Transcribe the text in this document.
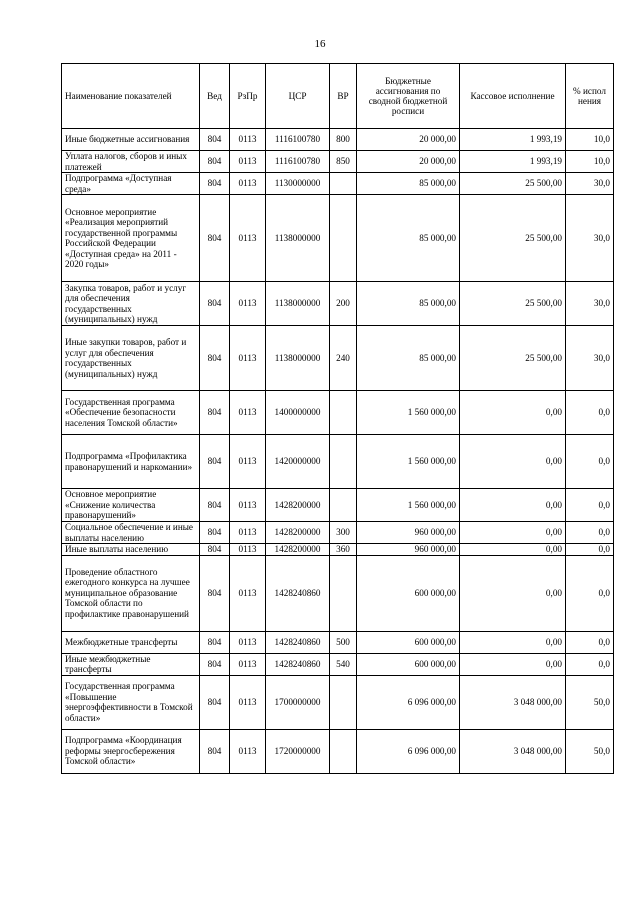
16
Наименование показателей	Вед	РзПр	ЦСР	ВР	Бюджетные ассигнования по сводной бюджетной росписи	Кассовое исполнение	% испол нения
Иные бюджетные ассигнования	804	0113	1116100780	800	20 000,00	1 993,19	10,0
Уплата налогов, сборов и иных платежей	804	0113	1116100780	850	20 000,00	1 993,19	10,0
Подпрограмма «Доступная среда»	804	0113	1130000000		85 000,00	25 500,00	30,0
Основное мероприятие «Реализация мероприятий государственной программы Российской Федерации «Доступная среда» на 2011 - 2020 годы»	804	0113	1138000000		85 000,00	25 500,00	30,0
Закупка товаров, работ и услуг для обеспечения государственных (муниципальных) нужд	804	0113	1138000000	200	85 000,00	25 500,00	30,0
Иные закупки товаров, работ и услуг для обеспечения государственных (муниципальных) нужд	804	0113	1138000000	240	85 000,00	25 500,00	30,0
Государственная программа «Обеспечение безопасности населения Томской области»	804	0113	1400000000		1 560 000,00	0,00	0,0
Подпрограмма «Профилактика правонарушений и наркомании»	804	0113	1420000000		1 560 000,00	0,00	0,0
Основное мероприятие «Снижение количества правонарушений»	804	0113	1428200000		1 560 000,00	0,00	0,0
Социальное обеспечение и иные выплаты населению	804	0113	1428200000	300	960 000,00	0,00	0,0
Иные выплаты населению	804	0113	1428200000	360	960 000,00	0,00	0,0
Проведение областного ежегодного конкурса на лучшее муниципальное образование Томской области по профилактике правонарушений	804	0113	1428240860		600 000,00	0,00	0,0
Межбюджетные трансферты	804	0113	1428240860	500	600 000,00	0,00	0,0
Иные межбюджетные трансферты	804	0113	1428240860	540	600 000,00	0,00	0,0
Государственная программа «Повышение энергоэффективности в Томской области»	804	0113	1700000000		6 096 000,00	3 048 000,00	50,0
Подпрограмма «Координация реформы энергосбережения Томской области»	804	0113	1720000000		6 096 000,00	3 048 000,00	50,0
